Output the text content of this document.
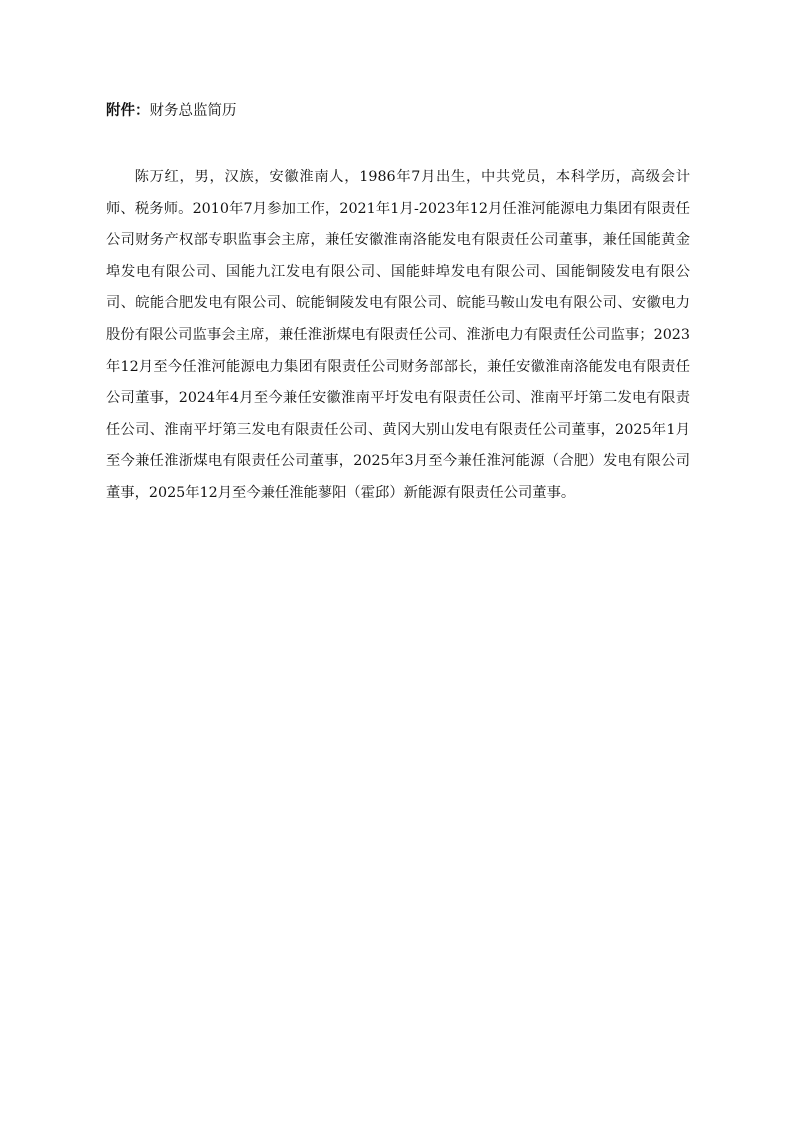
附件：财务总监简历

陈万红，男，汉族，安徽淮南人，1986年7月出生，中共党员，本科学历，高级会计师、税务师。2010年7月参加工作，2021年1月-2023年12月任淮河能源电力集团有限责任公司财务产权部专职监事会主席，兼任安徽淮南洛能发电有限责任公司董事，兼任国能黄金埠发电有限公司、国能九江发电有限公司、国能蚌埠发电有限公司、国能铜陵发电有限公司、皖能合肥发电有限公司、皖能铜陵发电有限公司、皖能马鞍山发电有限公司、安徽电力股份有限公司监事会主席，兼任淮浙煤电有限责任公司、淮浙电力有限责任公司监事；2023年12月至今任淮河能源电力集团有限责任公司财务部部长，兼任安徽淮南洛能发电有限责任公司董事，2024年4月至今兼任安徽淮南平圩发电有限责任公司、淮南平圩第二发电有限责任公司、淮南平圩第三发电有限责任公司、黄冈大别山发电有限责任公司董事，2025年1月至今兼任淮浙煤电有限责任公司董事，2025年3月至今兼任淮河能源（合肥）发电有限公司董事，2025年12月至今兼任淮能蓼阳（霍邱）新能源有限责任公司董事。
